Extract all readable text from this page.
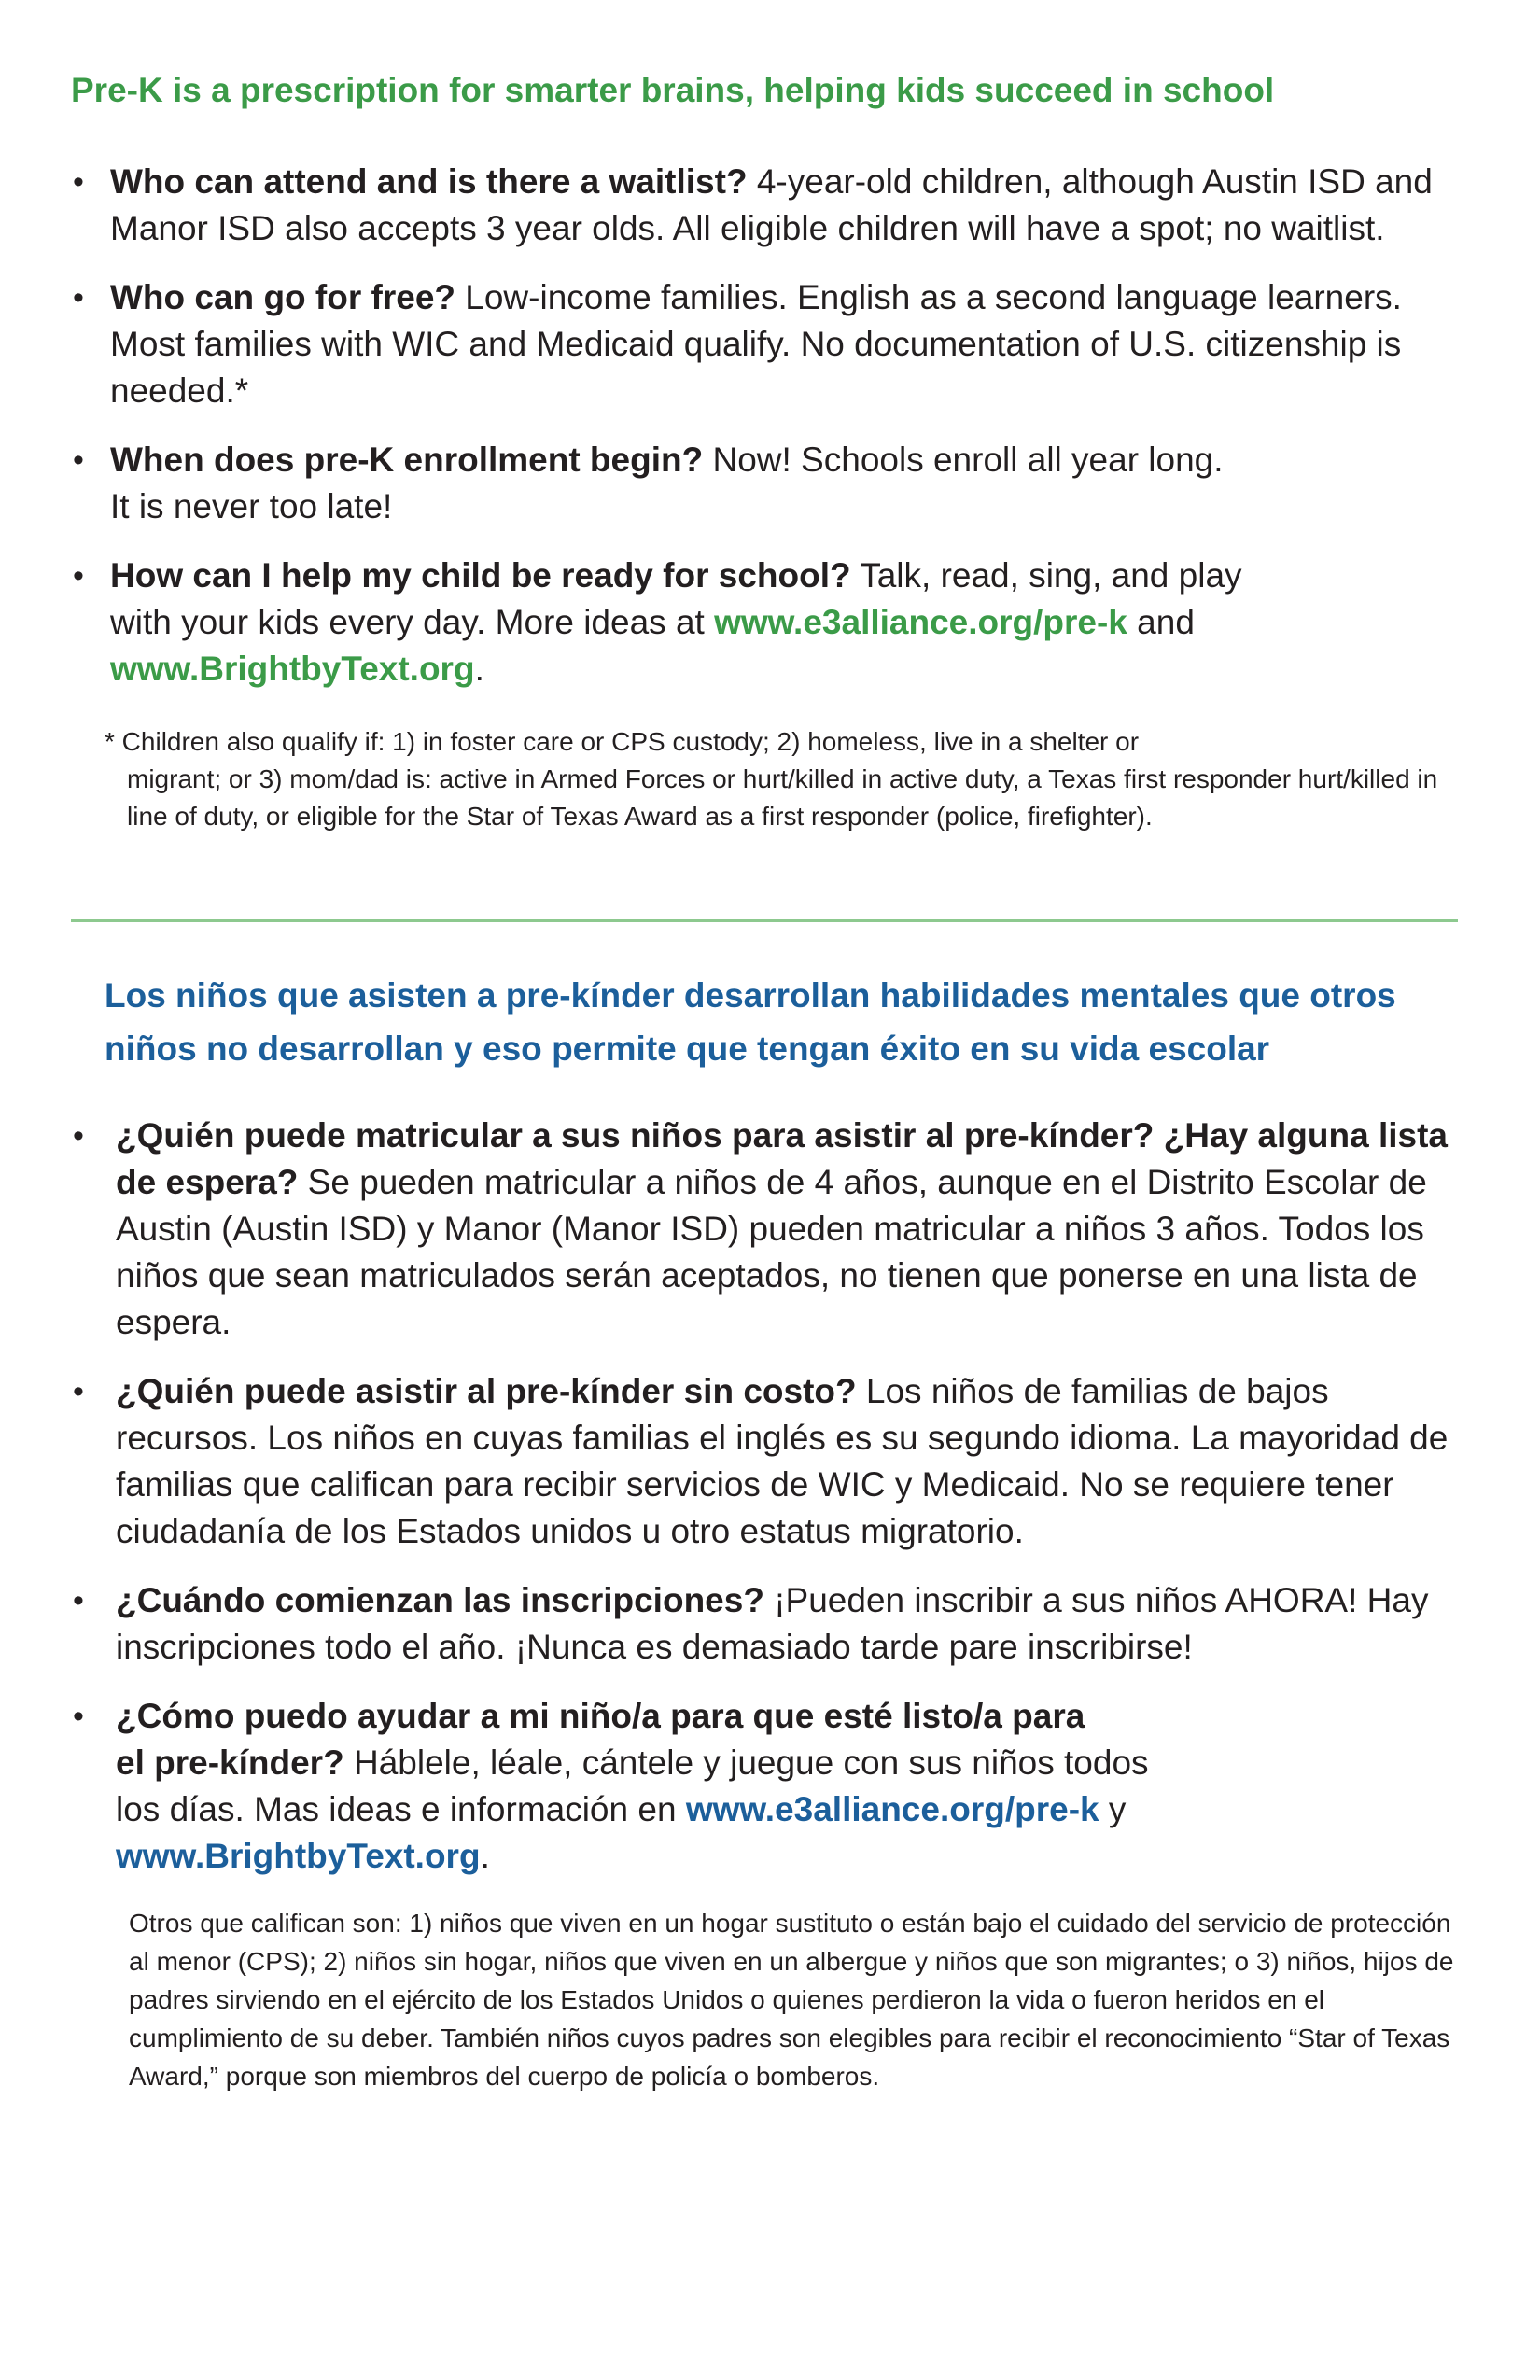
Pre-K is a prescription for smarter brains, helping kids succeed in school
• Who can attend and is there a waitlist? 4-year-old children, although Austin ISD and Manor ISD also accepts 3 year olds. All eligible children will have a spot; no waitlist.
• Who can go for free? Low-income families. English as a second language learners. Most families with WIC and Medicaid qualify. No documentation of U.S. citizenship is needed.*
• When does pre-K enrollment begin? Now! Schools enroll all year long.
It is never too late!
• How can I help my child be ready for school? Talk, read, sing, and play
with your kids every day. More ideas at www.e3alliance.org/pre-k and
www.BrightbyText.org.

* Children also qualify if: 1) in foster care or CPS custody; 2) homeless, live in a shelter or
migrant; or 3) mom/dad is: active in Armed Forces or hurt/killed in active duty, a Texas first responder hurt/killed in line of duty, or eligible for the Star of Texas Award as a first responder (police, firefighter).

Los niños que asisten a pre-kínder desarrollan habilidades mentales que otros niños no desarrollan y eso permite que tengan éxito en su vida escolar
• ¿Quién puede matricular a sus niños para asistir al pre-kínder? ¿Hay alguna lista de espera? Se pueden matricular a niños de 4 años, aunque en el Distrito Escolar de Austin (Austin ISD) y Manor (Manor ISD) pueden matricular a niños 3 años. Todos los niños que sean matriculados serán aceptados, no tienen que ponerse en una lista de espera.
• ¿Quién puede asistir al pre-kínder sin costo? Los niños de familias de bajos recursos. Los niños en cuyas familias el inglés es su segundo idioma. La mayoridad de familias que califican para recibir servicios de WIC y Medicaid. No se requiere tener ciudadanía de los Estados unidos u otro estatus migratorio.
• ¿Cuándo comienzan las inscripciones? ¡Pueden inscribir a sus niños AHORA! Hay inscripciones todo el año. ¡Nunca es demasiado tarde pare inscribirse!
• ¿Cómo puedo ayudar a mi niño/a para que esté listo/a para
el pre-kínder? Háblele, léale, cántele y juegue con sus niños todos
los días. Mas ideas e información en www.e3alliance.org/pre-k y
www.BrightbyText.org.

Otros que califican son: 1) niños que viven en un hogar sustituto o están bajo el cuidado del servicio de protección al menor (CPS); 2) niños sin hogar, niños que viven en un albergue y niños que son migrantes; o 3) niños, hijos de padres sirviendo en el ejército de los Estados Unidos o quienes perdieron la vida o fueron heridos en el cumplimiento de su deber. También niños cuyos padres son elegibles para recibir el reconocimiento “Star of Texas Award,” porque son miembros del cuerpo de policía o bomberos.
